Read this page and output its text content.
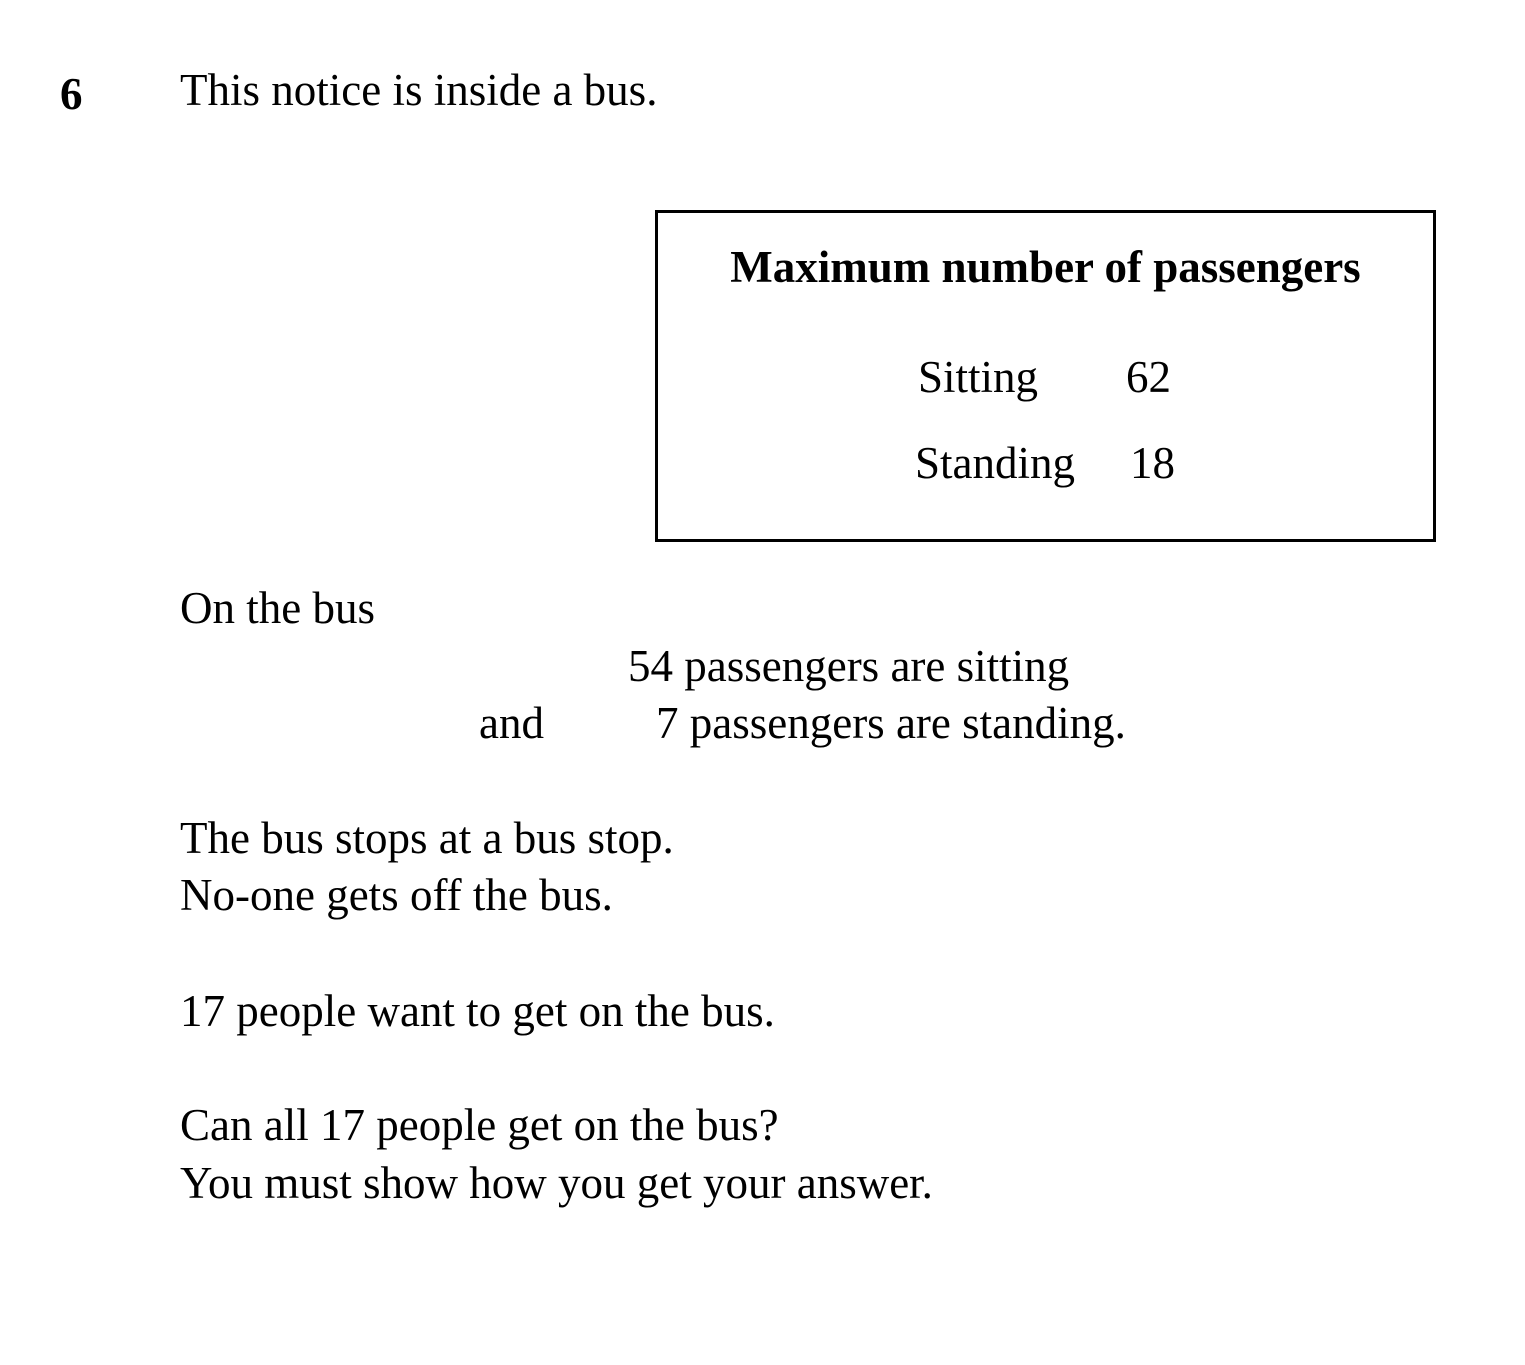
6 This notice is inside a bus.
Maximum number of passengers
Sitting 62
Standing 18
On the bus
54 passengers are sitting
and 7 passengers are standing.
The bus stops at a bus stop.
No-one gets off the bus.
17 people want to get on the bus.
Can all 17 people get on the bus?
You must show how you get your answer.
